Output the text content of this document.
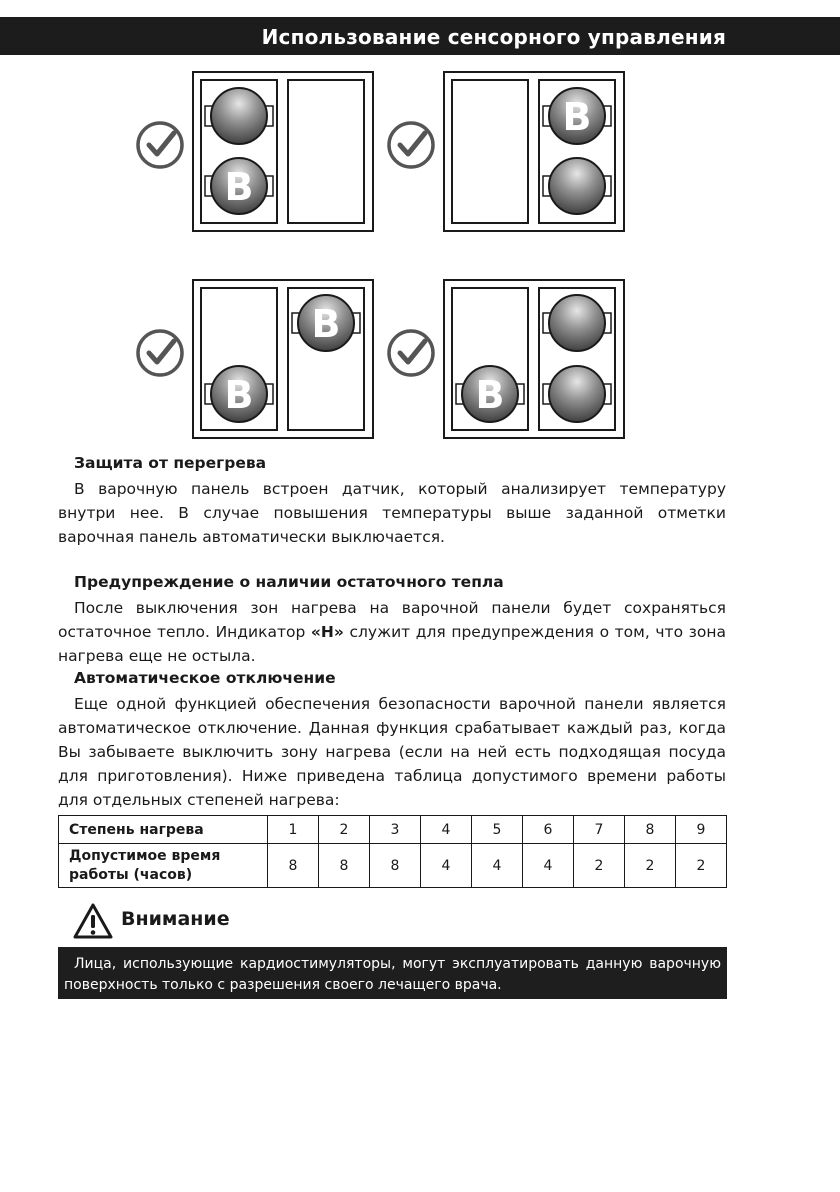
Использование сенсорного управления
B
B
B
B	B
Защита от перегрева
В варочную панель встроен датчик, который анализирует температуру внутри нее. В случае повышения температуры выше заданной отметки варочная панель автоматически выключается.
Предупреждение о наличии остаточного тепла
После выключения зон нагрева на варочной панели будет сохраняться остаточное тепло. Индикатор «H» служит для предупреждения о том, что зона нагрева еще не остыла.
Автоматическое отключение
Еще одной функцией обеспечения безопасности варочной панели является автоматическое отключение. Данная функция срабатывает каждый раз, когда Вы забываете выключить зону нагрева (если на ней есть подходящая посуда для приготовления). Ниже приведена таблица допустимого времени работы для отдельных степеней нагрева:
Степень нагрева	1	2	3	4	5	6	7	8	9
Допустимое время работы (часов)	8	8	8	4	4	4	2	2	2
Внимание
Лица, использующие кардиостимуляторы, могут эксплуатировать данную варочную поверхность только с разрешения своего лечащего врача.
